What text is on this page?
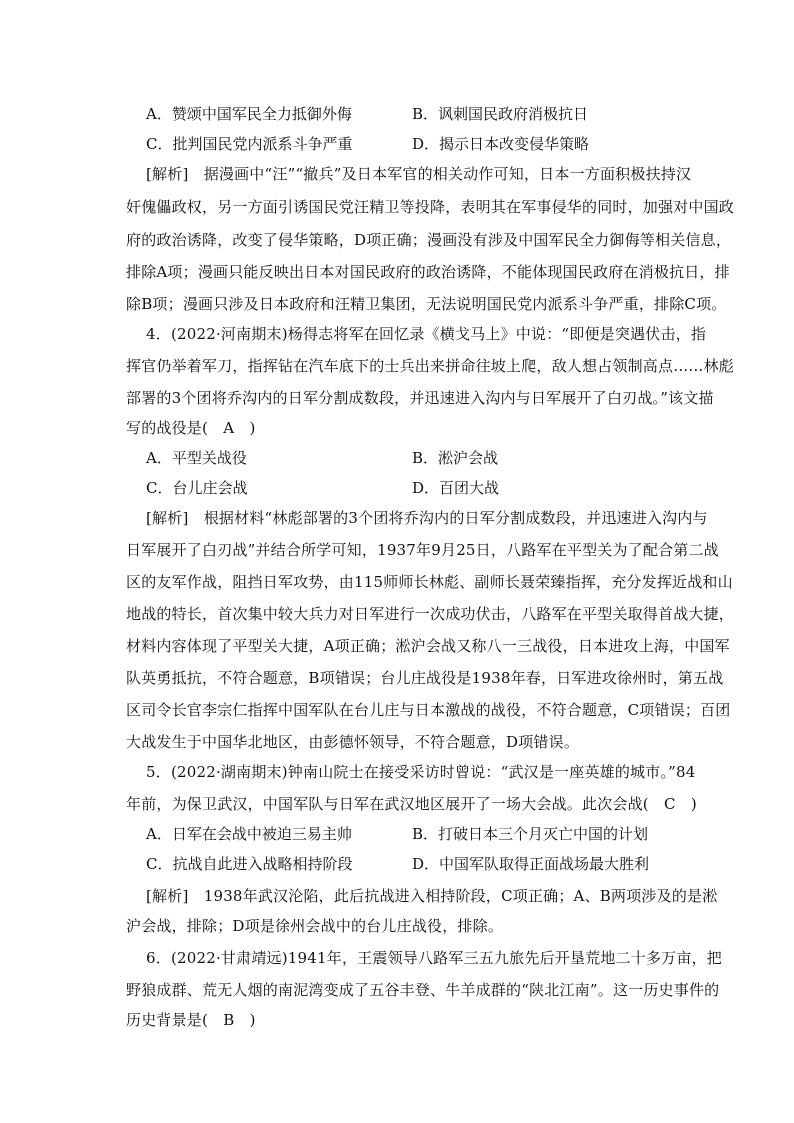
A．赞颂中国军民全力抵御外侮	B．讽刺国民政府消极抗日
C．批判国民党内派系斗争严重	D．揭示日本改变侵华策略
[解析]　据漫画中“汪”“撤兵”及日本军官的相关动作可知，日本一方面积极扶持汉
奸傀儡政权，另一方面引诱国民党汪精卫等投降，表明其在军事侵华的同时，加强对中国政
府的政治诱降，改变了侵华策略，D项正确；漫画没有涉及中国军民全力御侮等相关信息，
排除A项；漫画只能反映出日本对国民政府的政治诱降，不能体现国民政府在消极抗日，排
除B项；漫画只涉及日本政府和汪精卫集团，无法说明国民党内派系斗争严重，排除C项。
4．(2022·河南期末)杨得志将军在回忆录《横戈马上》中说：“即便是突遇伏击，指
挥官仍举着军刀，指挥钻在汽车底下的士兵出来拼命往坡上爬，敌人想占领制高点……林彪
部署的3个团将乔沟内的日军分割成数段，并迅速进入沟内与日军展开了白刃战。”该文描
写的战役是(　A　)
A．平型关战役	B．淞沪会战
C．台儿庄会战	D．百团大战
[解析]　根据材料“林彪部署的3个团将乔沟内的日军分割成数段，并迅速进入沟内与
日军展开了白刃战”并结合所学可知，1937年9月25日，八路军在平型关为了配合第二战
区的友军作战，阻挡日军攻势，由115师师长林彪、副师长聂荣臻指挥，充分发挥近战和山
地战的特长，首次集中较大兵力对日军进行一次成功伏击，八路军在平型关取得首战大捷，
材料内容体现了平型关大捷，A项正确；淞沪会战又称八一三战役，日本进攻上海，中国军
队英勇抵抗，不符合题意，B项错误；台儿庄战役是1938年春，日军进攻徐州时，第五战
区司令长官李宗仁指挥中国军队在台儿庄与日本激战的战役，不符合题意，C项错误；百团
大战发生于中国华北地区，由彭德怀领导，不符合题意，D项错误。
5．(2022·湖南期末)钟南山院士在接受采访时曾说：“武汉是一座英雄的城市。”84
年前，为保卫武汉，中国军队与日军在武汉地区展开了一场大会战。此次会战(　C　)
A．日军在会战中被迫三易主帅	B．打破日本三个月灭亡中国的计划
C．抗战自此进入战略相持阶段	D．中国军队取得正面战场最大胜利
[解析]　1938年武汉沦陷，此后抗战进入相持阶段，C项正确；A、B两项涉及的是淞
沪会战，排除；D项是徐州会战中的台儿庄战役，排除。
6．(2022·甘肃靖远)1941年，王震领导八路军三五九旅先后开垦荒地二十多万亩，把
野狼成群、荒无人烟的南泥湾变成了五谷丰登、牛羊成群的“陕北江南”。这一历史事件的
历史背景是(　B　)
